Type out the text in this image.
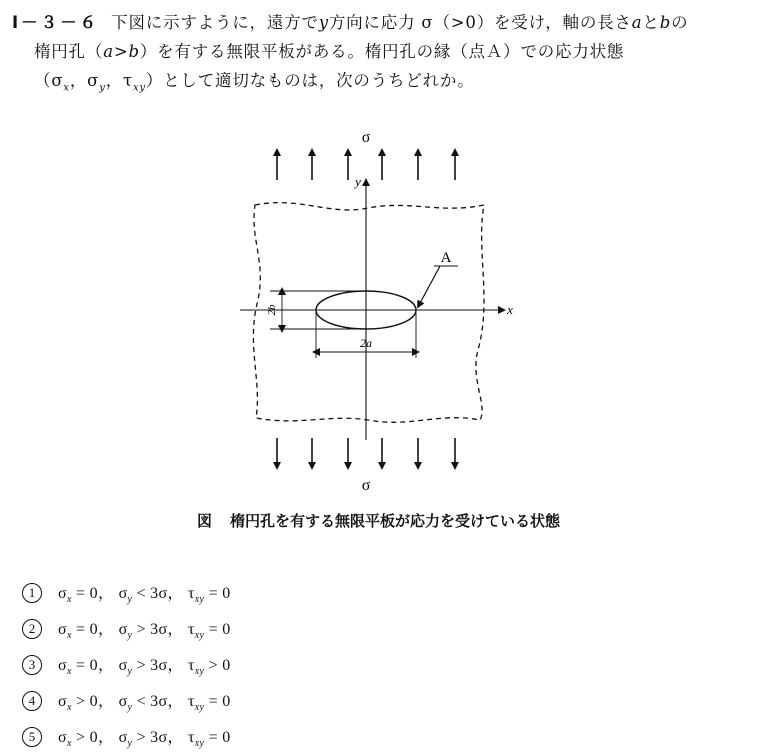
Ⅰ－３－６ 下図に示すように，遠方でy方向に応力 σ（>0）を受け，軸の長さaとbの
楕円孔（a>b）を有する無限平板がある。楕円孔の縁（点Ａ）での応力状態
（$\sigma_x$，$\sigma_y$，$\tau_{xy}$）として適切なものは，次のうちどれか。
σ
y
x
2b
2a
A
σ
図 楕円孔を有する無限平板が応力を受けている状態
1	$\sigma_x = 0$， $\sigma_y < 3\sigma$， $\tau_{xy} = 0$
2	$\sigma_x = 0$， $\sigma_y > 3\sigma$， $\tau_{xy} = 0$
3	$\sigma_x = 0$， $\sigma_y > 3\sigma$， $\tau_{xy} > 0$
4	$\sigma_x > 0$， $\sigma_y < 3\sigma$， $\tau_{xy} = 0$
5	$\sigma_x > 0$， $\sigma_y > 3\sigma$， $\tau_{xy} = 0$
